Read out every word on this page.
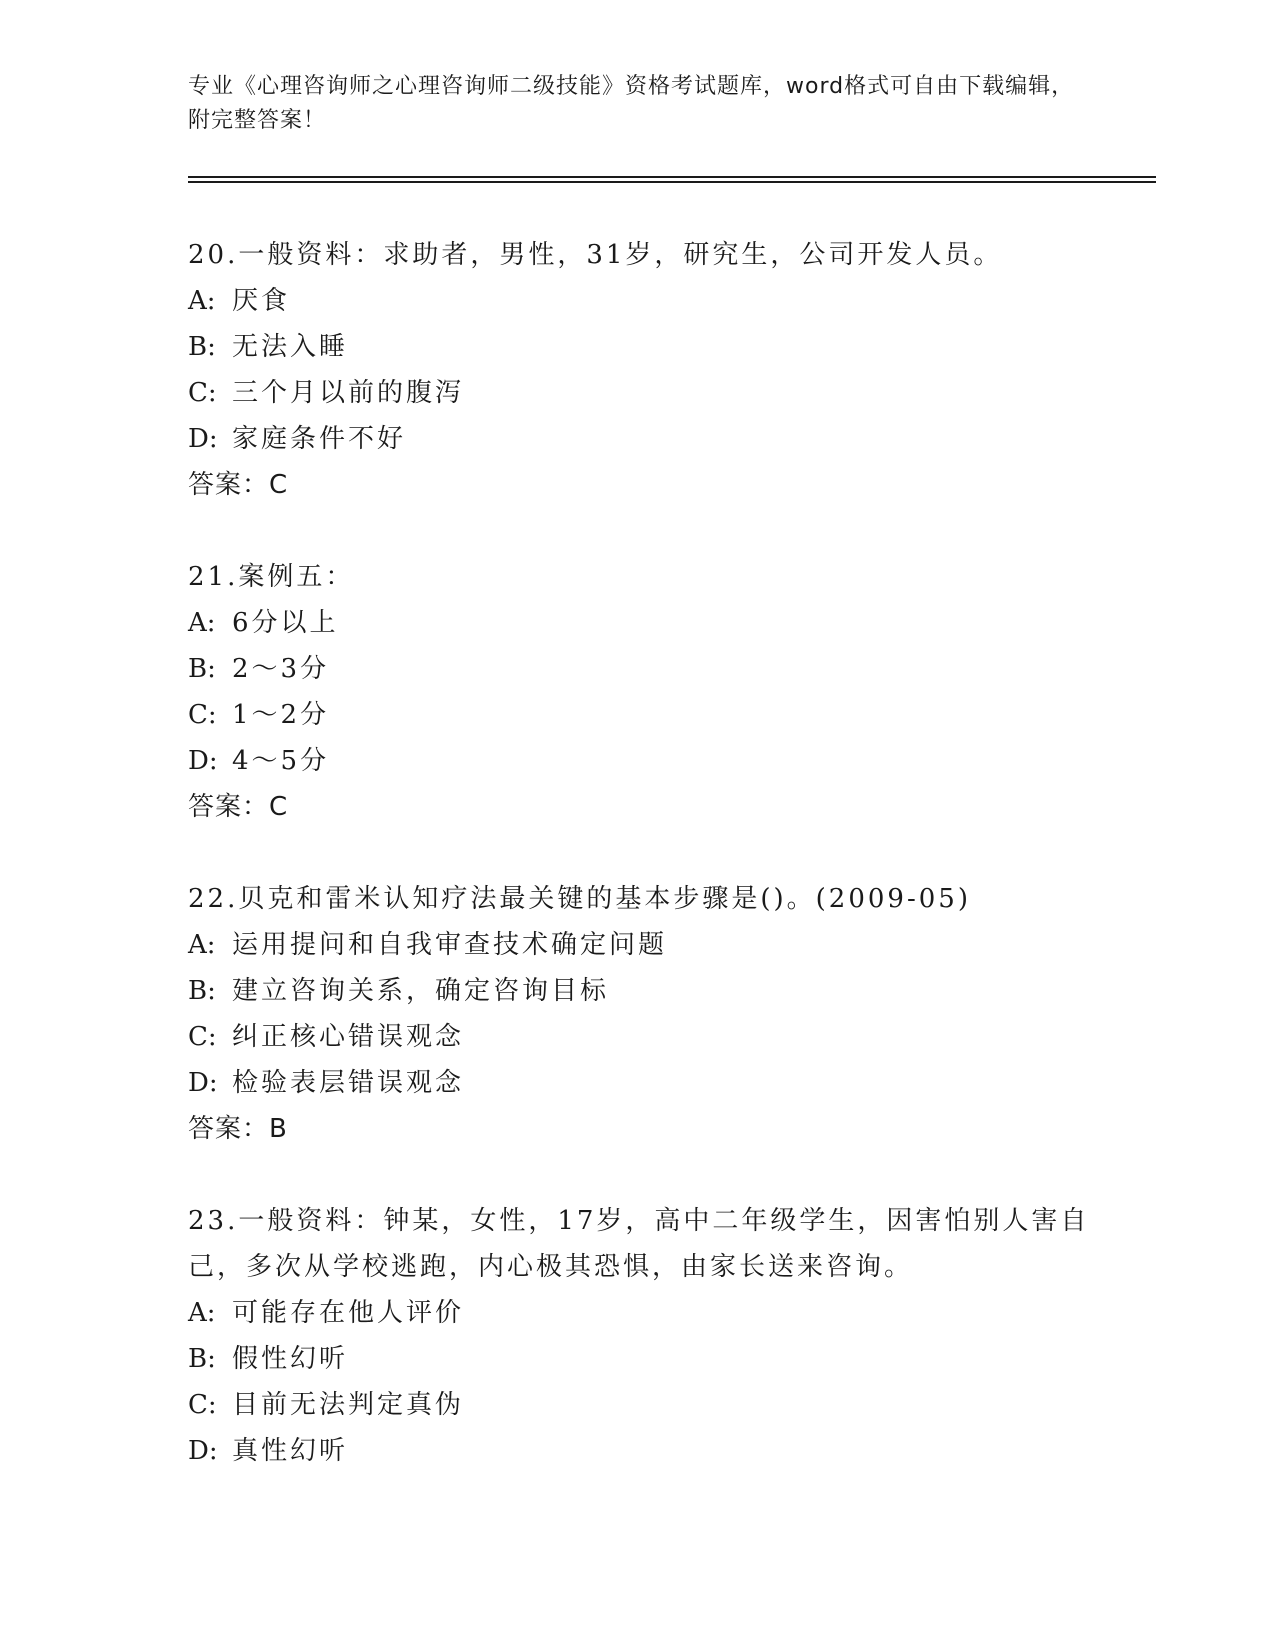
专业《心理咨询师之心理咨询师二级技能》资格考试题库，word格式可自由下载编辑，附完整答案！
20.一般资料：求助者，男性，31岁，研究生，公司开发人员。
A: 厌食
B: 无法入睡
C: 三个月以前的腹泻
D: 家庭条件不好
答案：C
21.案例五：
A: 6分以上
B: 2～3分
C: 1～2分
D: 4～5分
答案：C
22.贝克和雷米认知疗法最关键的基本步骤是()。(2009-05)
A: 运用提问和自我审查技术确定问题
B: 建立咨询关系，确定咨询目标
C: 纠正核心错误观念
D: 检验表层错误观念
答案：B
23.一般资料：钟某，女性，17岁，高中二年级学生，因害怕别人害自己，多次从学校逃跑，内心极其恐惧，由家长送来咨询。
A: 可能存在他人评价
B: 假性幻听
C: 目前无法判定真伪
D: 真性幻听
